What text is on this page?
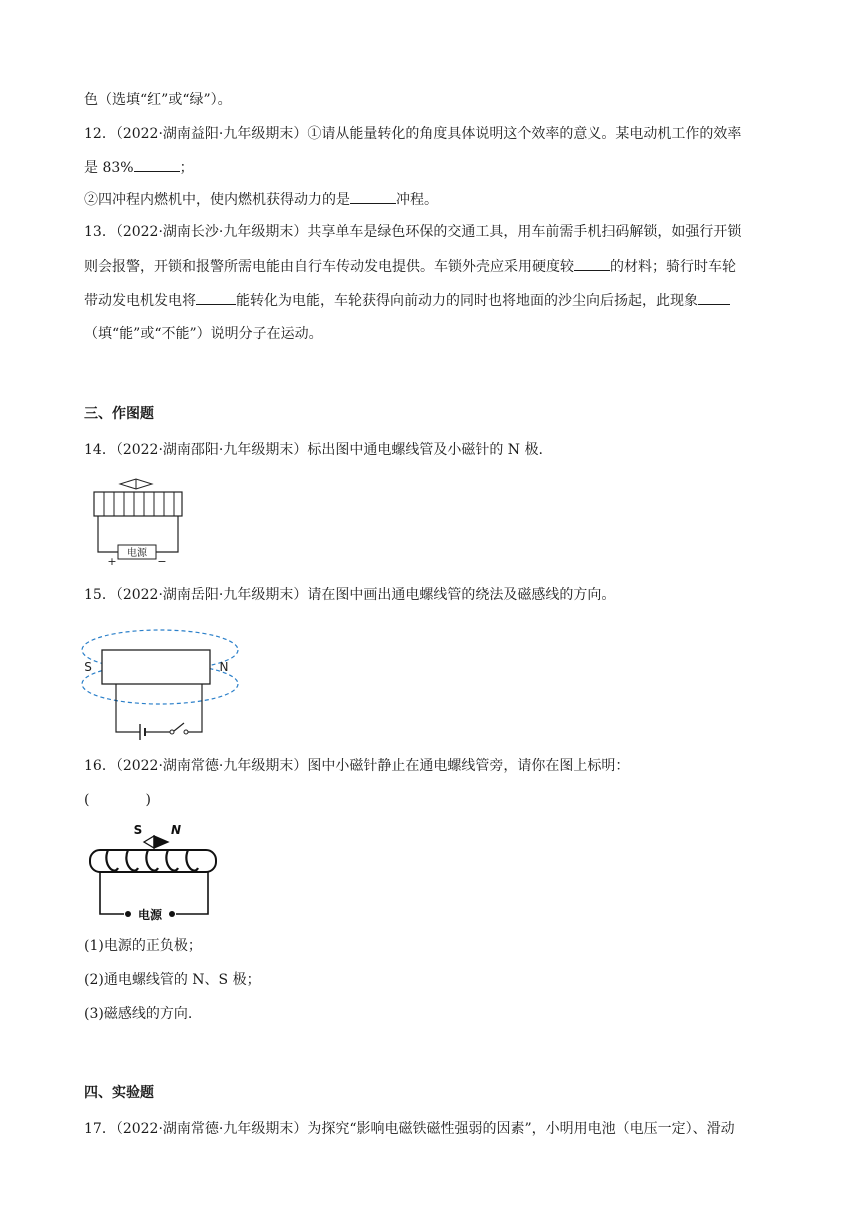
色（选填“红”或“绿”）。
12．（2022·湖南益阳·九年级期末）①请从能量转化的角度具体说明这个效率的意义。某电动机工作的效率
是 83%	；
②四冲程内燃机中，使内燃机获得动力的是	冲程。
13．（2022·湖南长沙·九年级期末）共享单车是绿色环保的交通工具，用车前需手机扫码解锁，如强行开锁
则会报警，开锁和报警所需电能由自行车传动发电提供。车锁外壳应采用硬度较	的材料；骑行时车轮
带动发电机发电将	能转化为电能，车轮获得向前动力的同时也将地面的沙尘向后扬起，此现象
（填“能”或“不能”）说明分子在运动。
三、作图题
14．（2022·湖南邵阳·九年级期末）标出图中通电螺线管及小磁针的 N 极.
电源
+	−
15．（2022·湖南岳阳·九年级期末）请在图中画出通电螺线管的绕法及磁感线的方向。
S	N
16．（2022·湖南常德·九年级期末）图中小磁针静止在通电螺线管旁，请你在图上标明：
(	)
S N
电源
(1)电源的正负极；
(2)通电螺线管的 N、S 极；
(3)磁感线的方向.
四、实验题
17．（2022·湖南常德·九年级期末）为探究“影响电磁铁磁性强弱的因素”，小明用电池（电压一定）、滑动
